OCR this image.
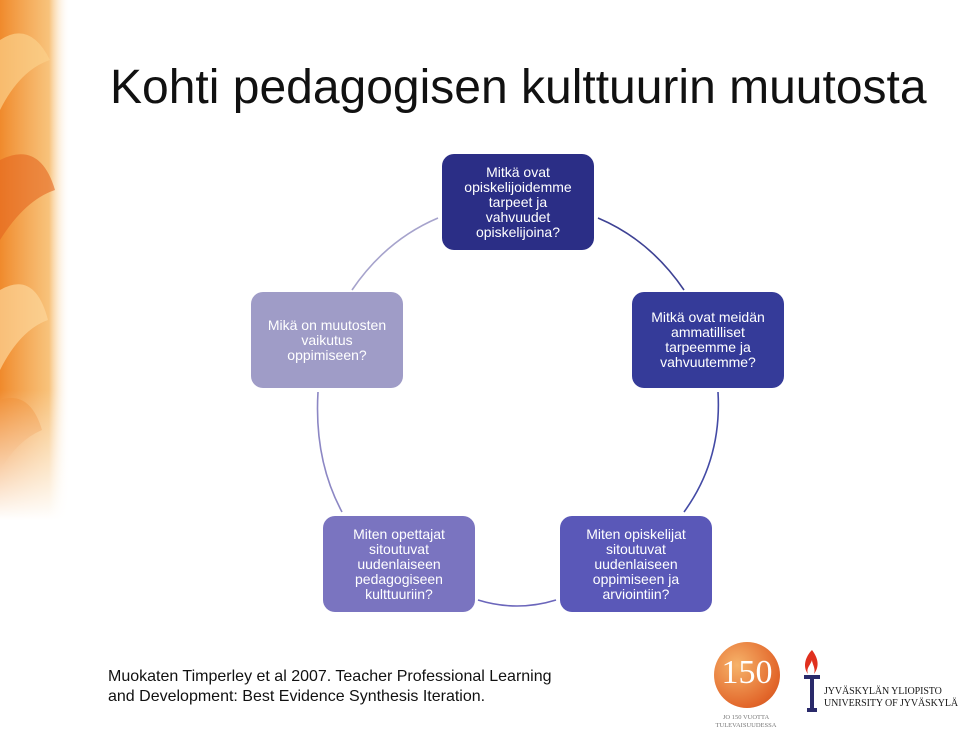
Kohti pedagogisen kulttuurin muutosta
Mitkä ovat
opiskelijoidemme
tarpeet ja
vahvuudet
opiskelijoina?
Mitkä ovat meidän
ammatilliset
tarpeemme ja
vahvuutemme?
Miten opiskelijat
sitoutuvat
uudenlaiseen
oppimiseen ja
arviointiin?
Miten opettajat
sitoutuvat
uudenlaiseen
pedagogiseen
kulttuuriin?
Mikä on muutosten
vaikutus
oppimiseen?
Muokaten Timperley et al 2007. Teacher Professional Learning
and Development: Best Evidence Synthesis Iteration.
150
JO 150 VUOTTA
TULEVAISUUDESSA
JYVÄSKYLÄN YLIOPISTO
UNIVERSITY OF JYVÄSKYLÄ
